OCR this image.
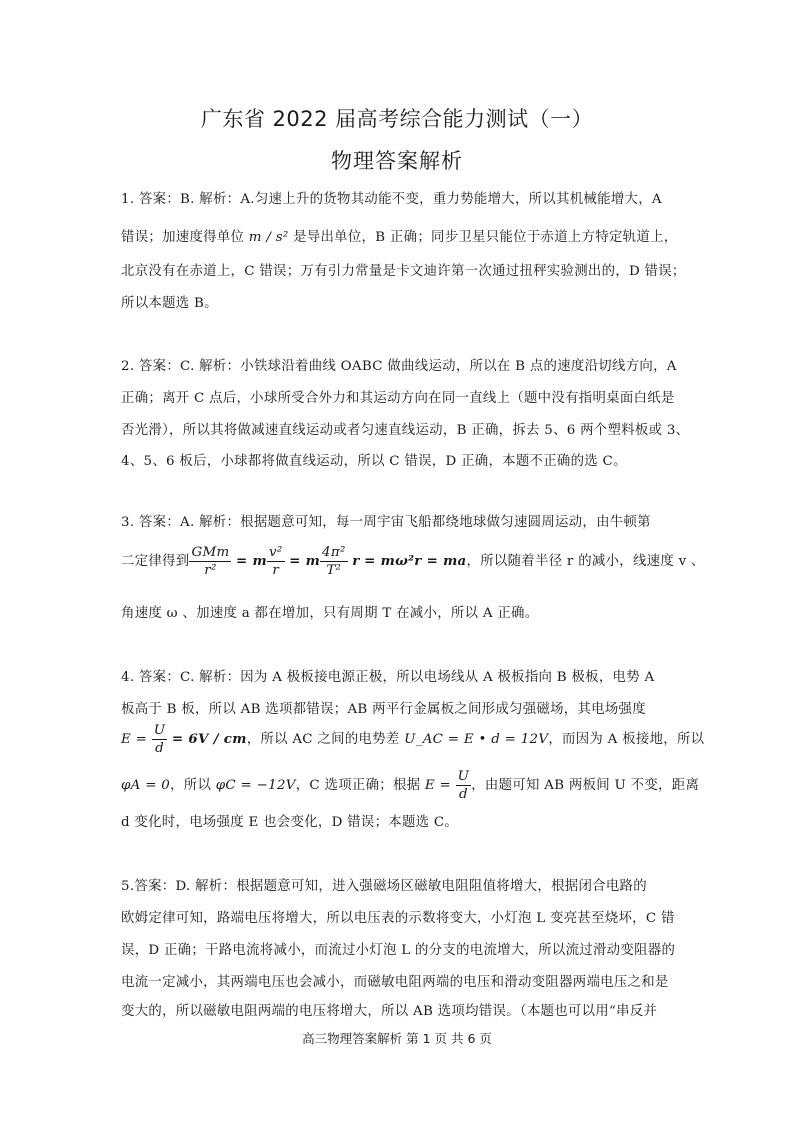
广东省 2022 届高考综合能力测试（一）
物理答案解析
1. 答案：B. 解析：A.匀速上升的货物其动能不变，重力势能增大，所以其机械能增大，A
错误；加速度得单位 m / s² 是导出单位，B 正确；同步卫星只能位于赤道上方特定轨道上，
北京没有在赤道上，C 错误；万有引力常量是卡文迪许第一次通过扭秤实验测出的，D 错误；
所以本题选 B。
2. 答案：C. 解析：小铁球沿着曲线 OABC 做曲线运动，所以在 B 点的速度沿切线方向，A
正确；离开 C 点后，小球所受合外力和其运动方向在同一直线上（题中没有指明桌面白纸是
否光滑），所以其将做减速直线运动或者匀速直线运动，B 正确，拆去 5、6 两个塑料板或 3、
4、5、6 板后，小球都将做直线运动，所以 C 错误，D 正确，本题不正确的选 C。
3. 答案：A. 解析：根据题意可知，每一周宇宙飞船都绕地球做匀速圆周运动，由牛顿第
二定律得到 $\frac{\text{GMm}}{\text{r²}} = m \frac{\text{v²}}{r} = m \frac{\text{4π²}}{\text{T²}}$ r = mω²r = ma，所以随着半径 r 的减小，线速度 v 、
角速度 ω 、加速度 a 都在增加，只有周期 T 在减小，所以 A 正确。
4. 答案：C. 解析：因为 A 极板接电源正极，所以电场线从 A 极板指向 B 极板，电势 A
板高于 B 板，所以 AB 选项都错误；AB 两平行金属板之间形成匀强磁场，其电场强度
$E = \frac{U}{d} = 6V$ / cm，所以 AC 之间的电势差 U_AC = E • d = 12V，而因为 A 板接地，所以
φA = 0，所以 φC = −12V，C 选项正确；根据 $E = \frac{U}{d}$ ，由题可知 AB 两板间 U 不变，距离
d 变化时，电场强度 E 也会变化，D 错误；本题选 C。
5.答案：D. 解析：根据题意可知，进入强磁场区磁敏电阻阻值将增大，根据闭合电路的
欧姆定律可知，路端电压将增大，所以电压表的示数将变大，小灯泡 L 变亮甚至烧坏，C 错
误，D 正确；干路电流将减小，而流过小灯泡 L 的分支的电流增大，所以流过滑动变阻器的
电流一定减小，其两端电压也会减小，而磁敏电阻两端的电压和滑动变阻器两端电压之和是
变大的，所以磁敏电阻两端的电压将增大，所以 AB 选项均错误。（本题也可以用“串反并
高三物理答案解析 第 1 页 共 6 页
